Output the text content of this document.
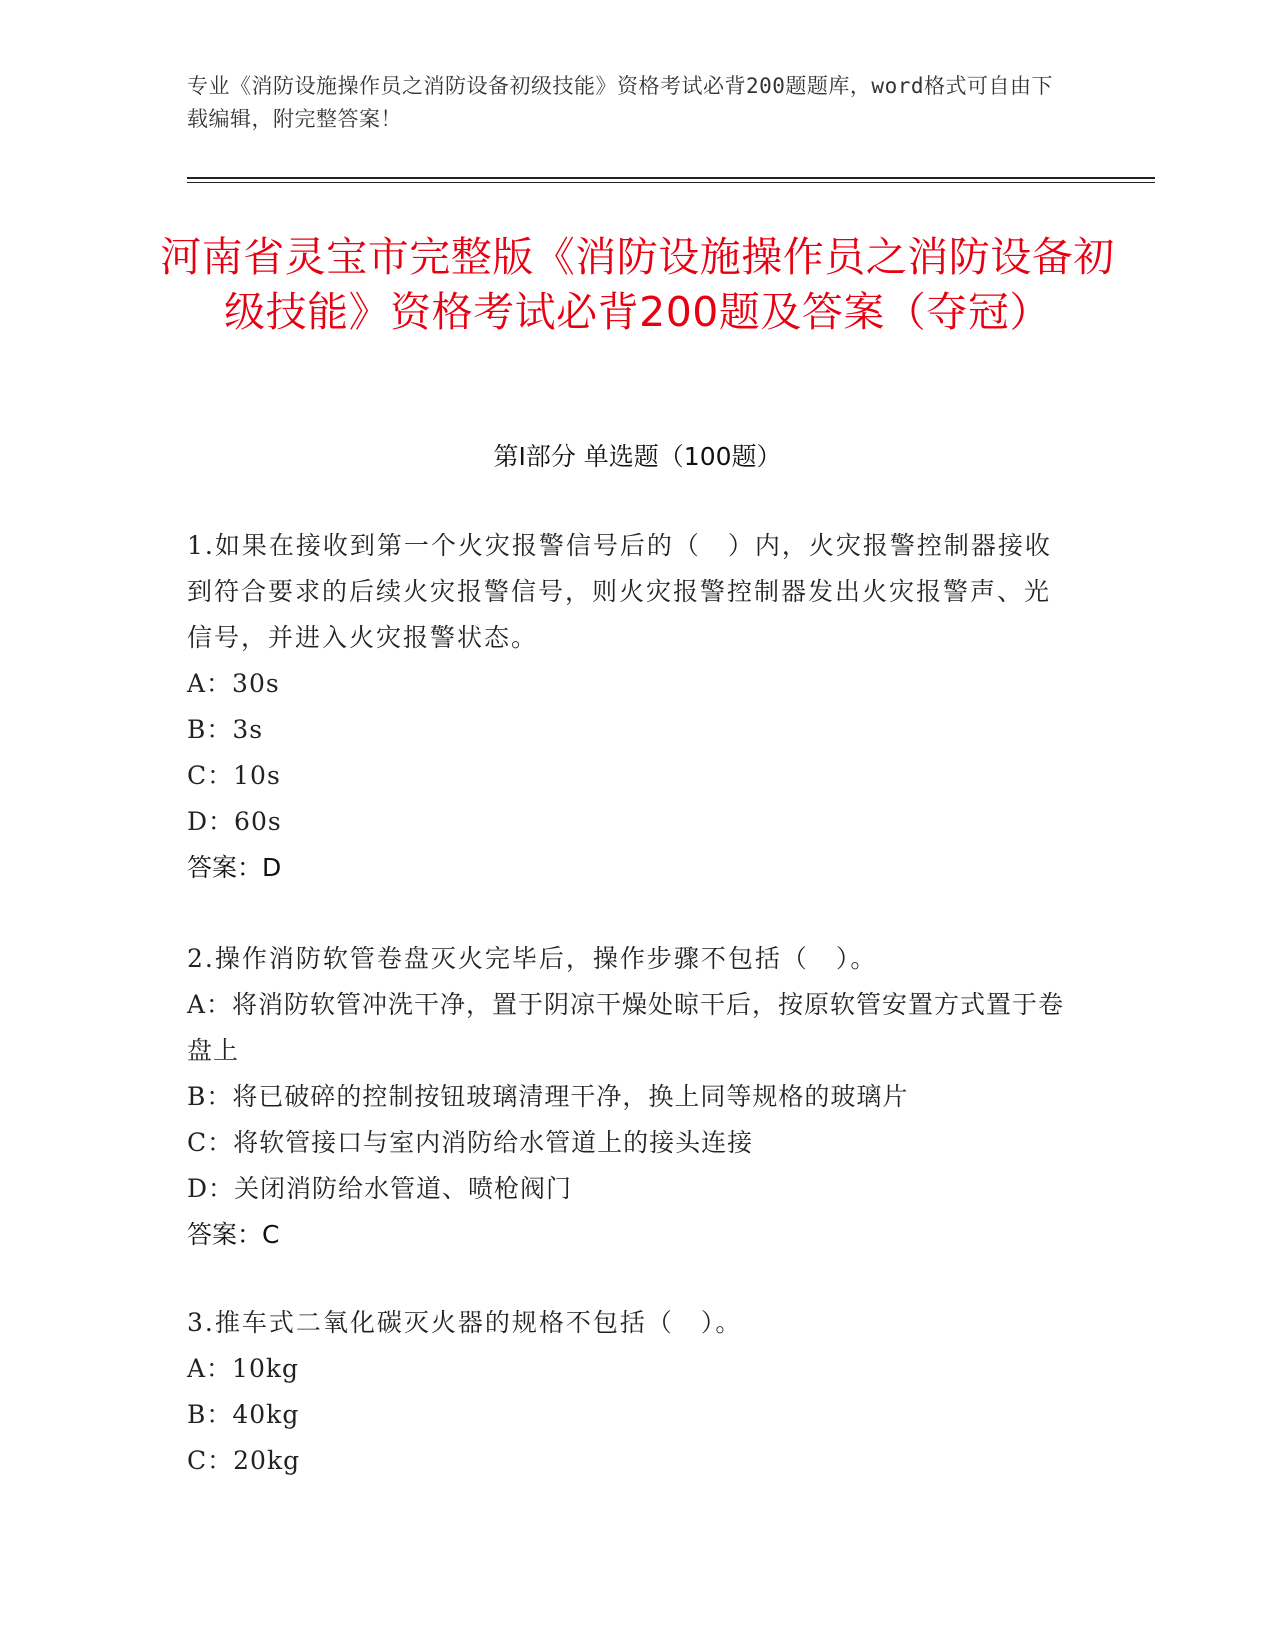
专业《消防设施操作员之消防设备初级技能》资格考试必背200题题库，word格式可自由下载编辑，附完整答案！
河南省灵宝市完整版《消防设施操作员之消防设备初级技能》资格考试必背200题及答案（夺冠）
第Ⅰ部分 单选题（100题）
1.如果在接收到第一个火灾报警信号后的（　）内，火灾报警控制器接收到符合要求的后续火灾报警信号，则火灾报警控制器发出火灾报警声、光信号，并进入火灾报警状态。
A：30s
B：3s
C：10s
D：60s
答案：D
2.操作消防软管卷盘灭火完毕后，操作步骤不包括（　）。
A：将消防软管冲洗干净，置于阴凉干燥处晾干后，按原软管安置方式置于卷盘上
B：将已破碎的控制按钮玻璃清理干净，换上同等规格的玻璃片
C：将软管接口与室内消防给水管道上的接头连接
D：关闭消防给水管道、喷枪阀门
答案：C
3.推车式二氧化碳灭火器的规格不包括（　）。
A：10kg
B：40kg
C：20kg
